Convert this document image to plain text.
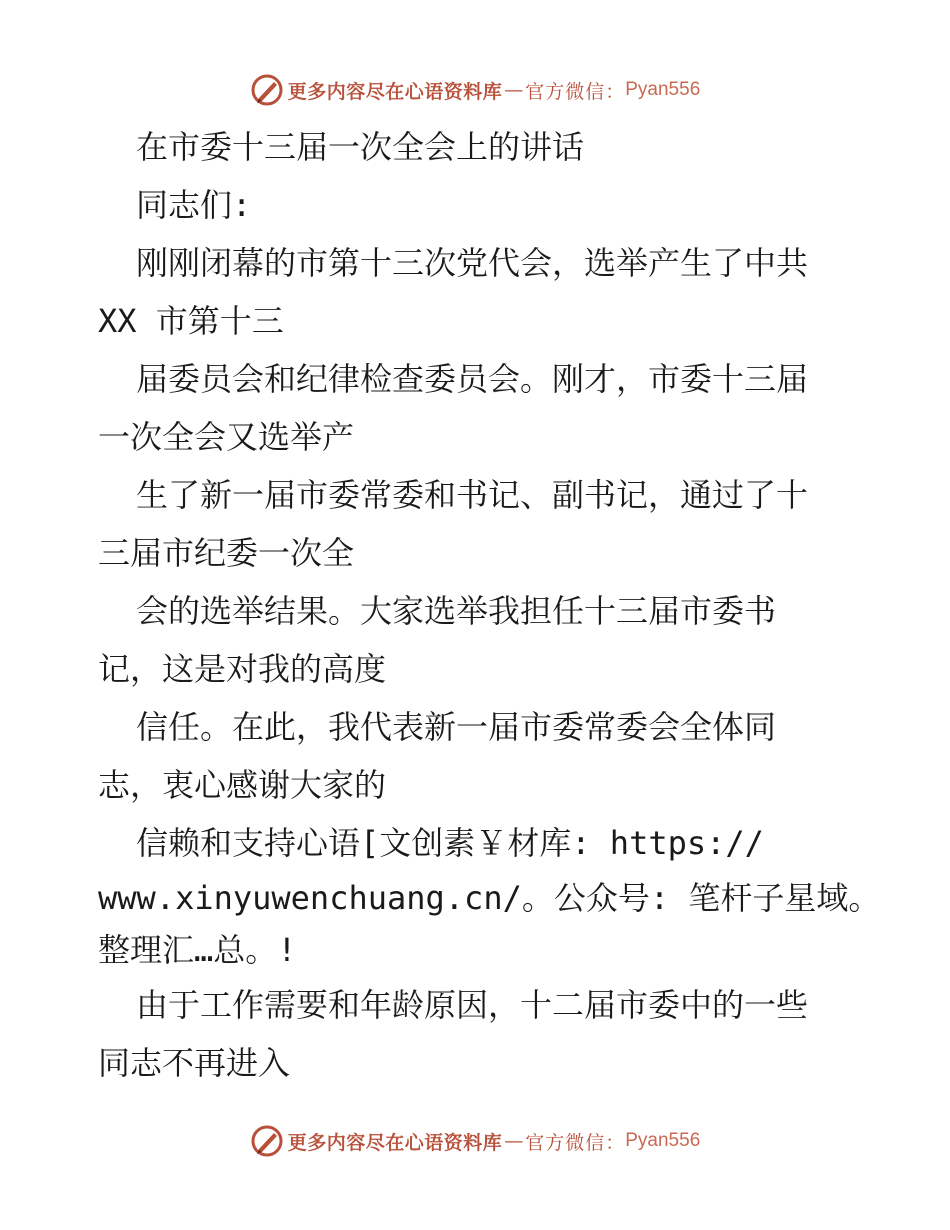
更多内容尽在心语资料库 — 官方微信： Pyan556
在市委十三届一次全会上的讲话
同志们:
刚刚闭幕的市第十三次党代会，选举产生了中共
XX 市第十三
届委员会和纪律检查委员会。刚才，市委十三届
一次全会又选举产
生了新一届市委常委和书记、副书记，通过了十
三届市纪委一次全
会的选举结果。大家选举我担任十三届市委书
记，这是对我的高度
信任。在此，我代表新一届市委常委会全体同
志，衷心感谢大家的
信赖和支持心语[文创素￥材库: https://
www.xinyuwenchuang.cn/。公众号: 笔杆子星域。
整理汇…总。!
由于工作需要和年龄原因，十二届市委中的一些
同志不再进入
更多内容尽在心语资料库 — 官方微信： Pyan556
